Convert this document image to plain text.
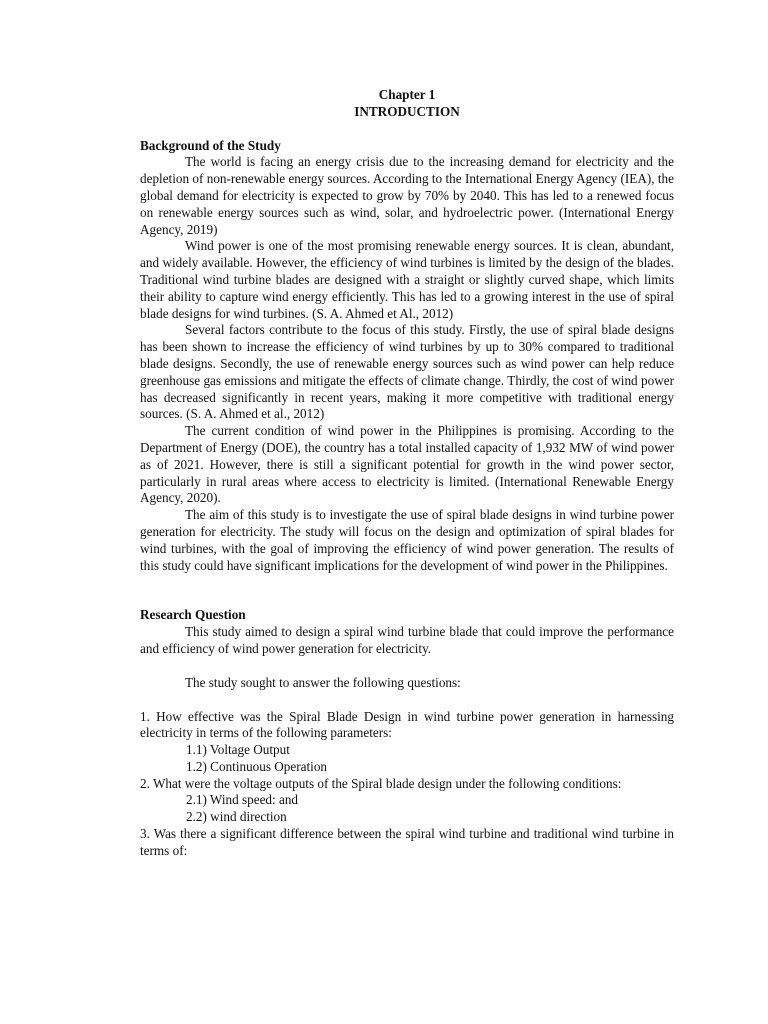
Chapter 1

INTRODUCTION

Background of the Study

The world is facing an energy crisis due to the increasing demand for electricity and the depletion of non-renewable energy sources. According to the International Energy Agency (IEA), the global demand for electricity is expected to grow by 70% by 2040. This has led to a renewed focus on renewable energy sources such as wind, solar, and hydroelectric power. (International Energy Agency, 2019)

Wind power is one of the most promising renewable energy sources. It is clean, abundant, and widely available. However, the efficiency of wind turbines is limited by the design of the blades. Traditional wind turbine blades are designed with a straight or slightly curved shape, which limits their ability to capture wind energy efficiently. This has led to a growing interest in the use of spiral blade designs for wind turbines. (S. A. Ahmed et Al., 2012)

Several factors contribute to the focus of this study. Firstly, the use of spiral blade designs has been shown to increase the efficiency of wind turbines by up to 30% compared to traditional blade designs. Secondly, the use of renewable energy sources such as wind power can help reduce greenhouse gas emissions and mitigate the effects of climate change. Thirdly, the cost of wind power has decreased significantly in recent years, making it more competitive with traditional energy sources. (S. A. Ahmed et al., 2012)

The current condition of wind power in the Philippines is promising. According to the Department of Energy (DOE), the country has a total installed capacity of 1,932 MW of wind power as of 2021. However, there is still a significant potential for growth in the wind power sector, particularly in rural areas where access to electricity is limited. (International Renewable Energy Agency, 2020).

The aim of this study is to investigate the use of spiral blade designs in wind turbine power generation for electricity. The study will focus on the design and optimization of spiral blades for wind turbines, with the goal of improving the efficiency of wind power generation. The results of this study could have significant implications for the development of wind power in the Philippines.

Research Question

This study aimed to design a spiral wind turbine blade that could improve the performance and efficiency of wind power generation for electricity.

The study sought to answer the following questions:

1. How effective was the Spiral Blade Design in wind turbine power generation in harnessing electricity in terms of the following parameters:

1.1) Voltage Output

1.2) Continuous Operation

2. What were the voltage outputs of the Spiral blade design under the following conditions:

2.1) Wind speed: and

2.2) wind direction

3. Was there a significant difference between the spiral wind turbine and traditional wind turbine in terms of:
